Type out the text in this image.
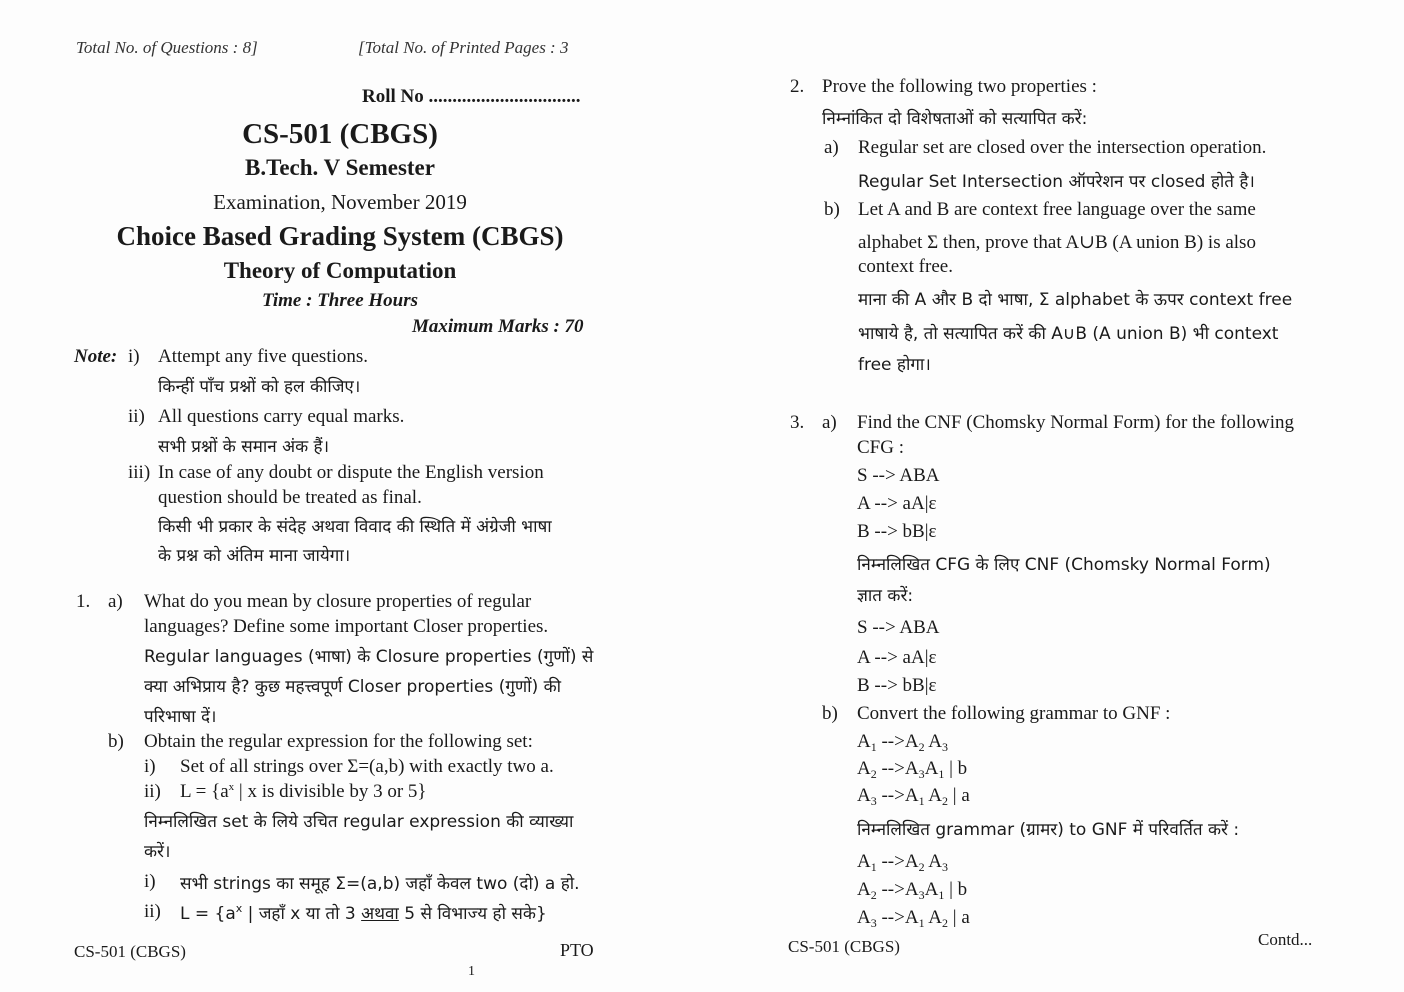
Total No. of Questions : 8]	[Total No. of Printed Pages : 3
Roll No ................................
CS-501 (CBGS)
B.Tech. V Semester
Examination, November 2019
Choice Based Grading System (CBGS)
Theory of Computation
Time : Three Hours
Maximum Marks : 70
Note: i) Attempt any five questions.
किन्हीं पाँच प्रश्नों को हल कीजिए।
ii) All questions carry equal marks.
सभी प्रश्नों के समान अंक हैं।
iii) In case of any doubt or dispute the English version
question should be treated as final.
किसी भी प्रकार के संदेह अथवा विवाद की स्थिति में अंग्रेजी भाषा
के प्रश्न को अंतिम माना जायेगा।
1. a) What do you mean by closure properties of regular
languages? Define some important Closer properties.
Regular languages (भाषा) के Closure properties (गुणों) से
क्या अभिप्राय है? कुछ महत्त्वपूर्ण Closer properties (गुणों) की
परिभाषा दें।
b) Obtain the regular expression for the following set:
i) Set of all strings over Σ=(a,b) with exactly two a.
ii) $L = \{a^x$ | x is divisible by 3 or 5}
निम्नलिखित set के लिये उचित regular expression की व्याख्या
करें।
i) सभी strings का समूह Σ=(a,b) जहाँ केवल two (दो) a हो.
ii) $L = \{a^x$ | जहाँ x या तो 3 अथवा 5 से विभाज्य हो सके}
CS-501 (CBGS)	PTO
1
2. Prove the following two properties :
निम्नांकित दो विशेषताओं को सत्यापित करें:
a) Regular set are closed over the intersection operation.
Regular Set Intersection ऑपरेशन पर closed होते है।
b) Let A and B are context free language over the same
alphabet Σ then, prove that A∪B (A union B) is also
context free.
माना की A और B दो भाषा, Σ alphabet के ऊपर context free
भाषाये है, तो सत्यापित करें की A∪B (A union B) भी context
free होगा।
3. a) Find the CNF (Chomsky Normal Form) for the following
CFG :
S --> ABA
A --> aA|ε
B --> bB|ε
निम्नलिखित CFG के लिए CNF (Chomsky Normal Form)
ज्ञात करें:
S --> ABA
A --> aA|ε
B --> bB|ε
b) Convert the following grammar to GNF :
$A_1$ $-->A_2$ $A_3$
$A_2$ $-->A_3A_1$ | b
$A_3$ $-->A_1$ $A_2$ | a
निम्नलिखित grammar (ग्रामर) to GNF में परिवर्तित करें :
$A_1$ $-->A_2$ $A_3$
$A_2$ $-->A_3A_1$ | b
$A_3$ $-->A_1$ $A_2$ | a
CS-501 (CBGS)	Contd...
